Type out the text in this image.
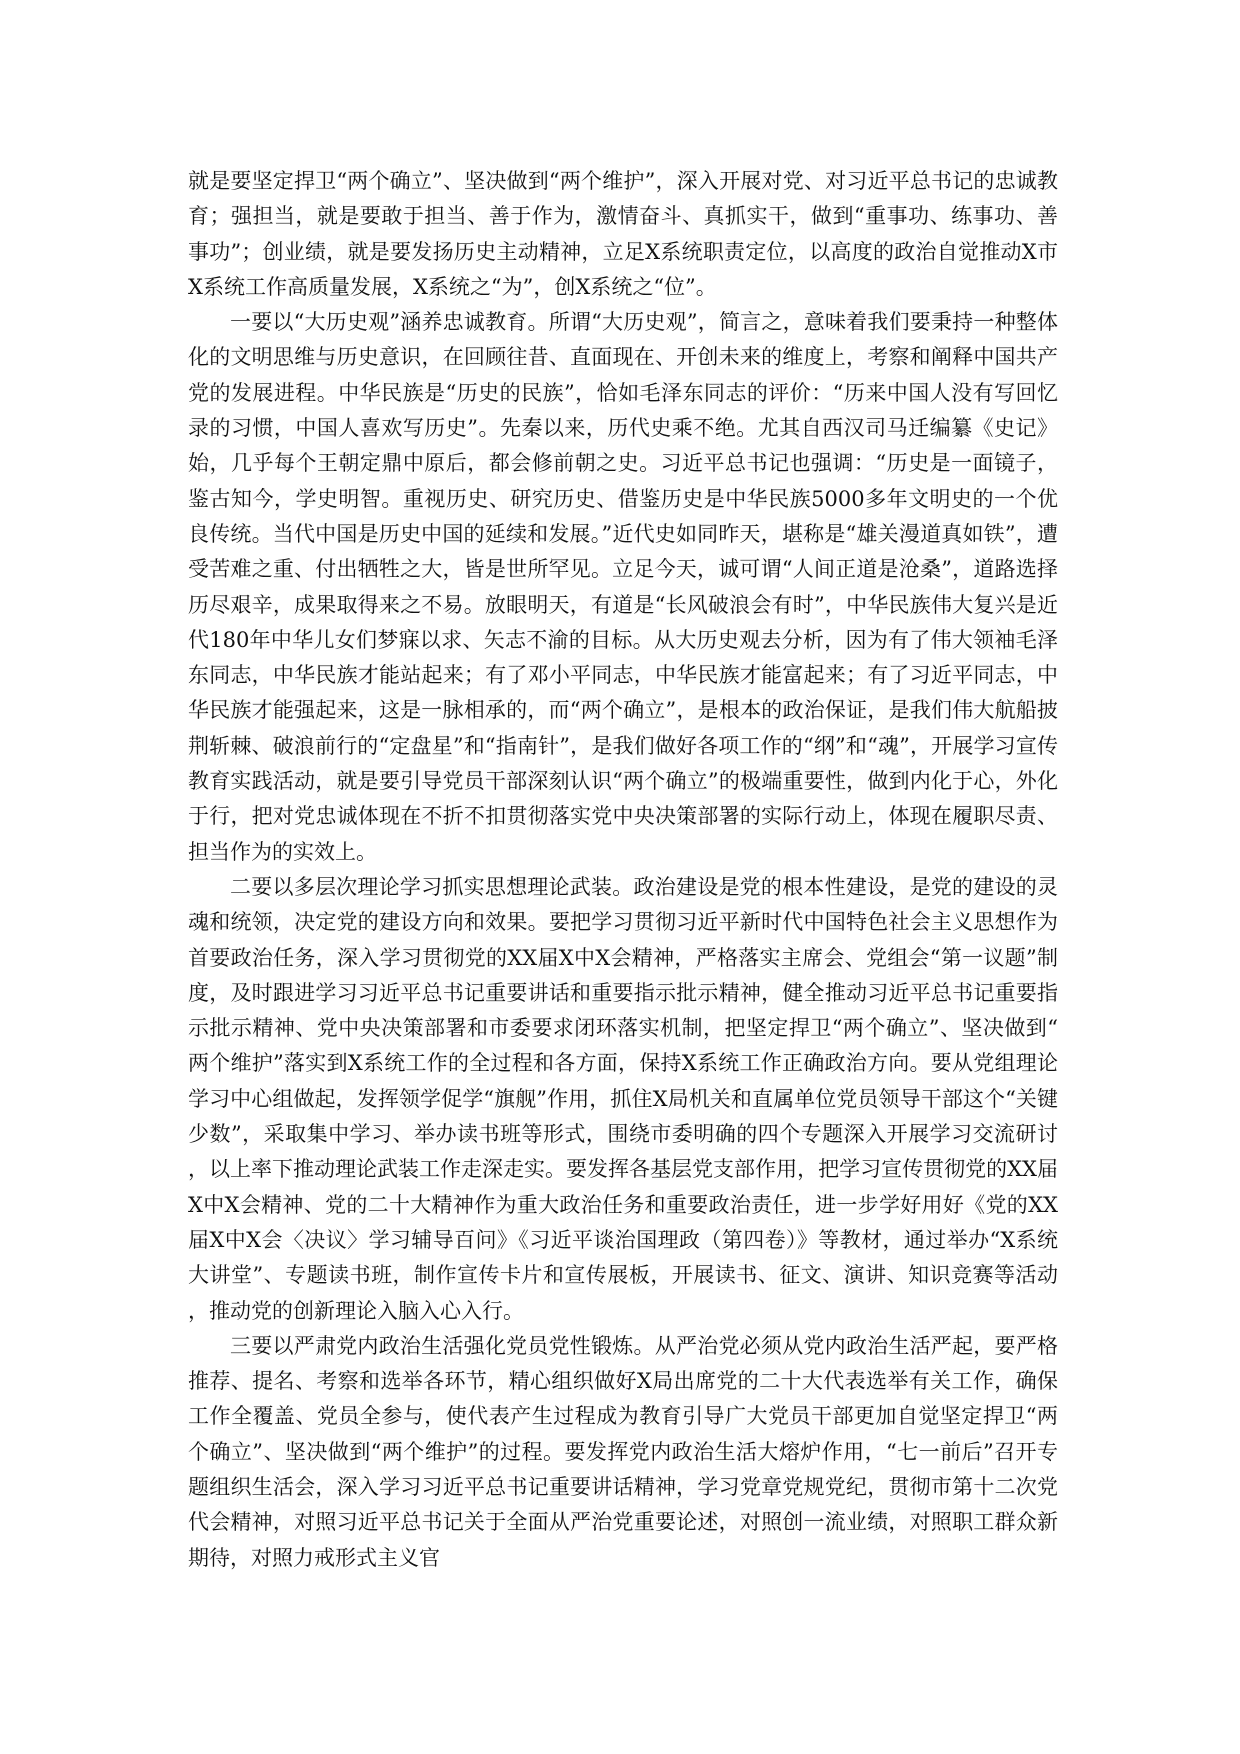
就是要坚定捍卫“两个确立”、坚决做到“两个维护”，深入开展对党、对习近平总书记的忠诚教育；强担当，就是要敢于担当、善于作为，激情奋斗、真抓实干，做到“重事功、练事功、善事功”；创业绩，就是要发扬历史主动精神，立足X系统职责定位，以高度的政治自觉推动X市X系统工作高质量发展，X系统之“为”，创X系统之“位”。

一要以“大历史观”涵养忠诚教育。所谓“大历史观”，简言之，意味着我们要秉持一种整体化的文明思维与历史意识，在回顾往昔、直面现在、开创未来的维度上，考察和阐释中国共产党的发展进程。中华民族是“历史的民族”，恰如毛泽东同志的评价：“历来中国人没有写回忆录的习惯，中国人喜欢写历史”。先秦以来，历代史乘不绝。尤其自西汉司马迁编纂《史记》始，几乎每个王朝定鼎中原后，都会修前朝之史。习近平总书记也强调：“历史是一面镜子，鉴古知今，学史明智。重视历史、研究历史、借鉴历史是中华民族5000多年文明史的一个优良传统。当代中国是历史中国的延续和发展。”近代史如同昨天，堪称是“雄关漫道真如铁”，遭受苦难之重、付出牺牲之大，皆是世所罕见。立足今天，诚可谓“人间正道是沧桑”，道路选择历尽艰辛，成果取得来之不易。放眼明天，有道是“长风破浪会有时”，中华民族伟大复兴是近代180年中华儿女们梦寐以求、矢志不渝的目标。从大历史观去分析，因为有了伟大领袖毛泽东同志，中华民族才能站起来；有了邓小平同志，中华民族才能富起来；有了习近平同志，中华民族才能强起来，这是一脉相承的，而“两个确立”，是根本的政治保证，是我们伟大航船披荆斩棘、破浪前行的“定盘星”和“指南针”，是我们做好各项工作的“纲”和“魂”，开展学习宣传教育实践活动，就是要引导党员干部深刻认识“两个确立”的极端重要性，做到内化于心，外化于行，把对党忠诚体现在不折不扣贯彻落实党中央决策部署的实际行动上，体现在履职尽责、担当作为的实效上。

二要以多层次理论学习抓实思想理论武装。政治建设是党的根本性建设，是党的建设的灵魂和统领，决定党的建设方向和效果。要把学习贯彻习近平新时代中国特色社会主义思想作为首要政治任务，深入学习贯彻党的XX届X中X会精神，严格落实主席会、党组会“第一议题”制度，及时跟进学习习近平总书记重要讲话和重要指示批示精神，健全推动习近平总书记重要指示批示精神、党中央决策部署和市委要求闭环落实机制，把坚定捍卫“两个确立”、坚决做到“两个维护”落实到X系统工作的全过程和各方面，保持X系统工作正确政治方向。要从党组理论学习中心组做起，发挥领学促学“旗舰”作用，抓住X局机关和直属单位党员领导干部这个“关键少数”，采取集中学习、举办读书班等形式，围绕市委明确的四个专题深入开展学习交流研讨，以上率下推动理论武装工作走深走实。要发挥各基层党支部作用，把学习宣传贯彻党的XX届X中X会精神、党的二十大精神作为重大政治任务和重要政治责任，进一步学好用好《党的XX届X中X会〈决议〉学习辅导百问》《习近平谈治国理政（第四卷）》等教材，通过举办“X系统大讲堂”、专题读书班，制作宣传卡片和宣传展板，开展读书、征文、演讲、知识竞赛等活动，推动党的创新理论入脑入心入行。

三要以严肃党内政治生活强化党员党性锻炼。从严治党必须从党内政治生活严起，要严格推荐、提名、考察和选举各环节，精心组织做好X局出席党的二十大代表选举有关工作，确保工作全覆盖、党员全参与，使代表产生过程成为教育引导广大党员干部更加自觉坚定捍卫“两个确立”、坚决做到“两个维护”的过程。要发挥党内政治生活大熔炉作用，“七一前后”召开专题组织生活会，深入学习习近平总书记重要讲话精神，学习党章党规党纪，贯彻市第十二次党代会精神，对照习近平总书记关于全面从严治党重要论述，对照创一流业绩，对照职工群众新期待，对照力戒形式主义官
